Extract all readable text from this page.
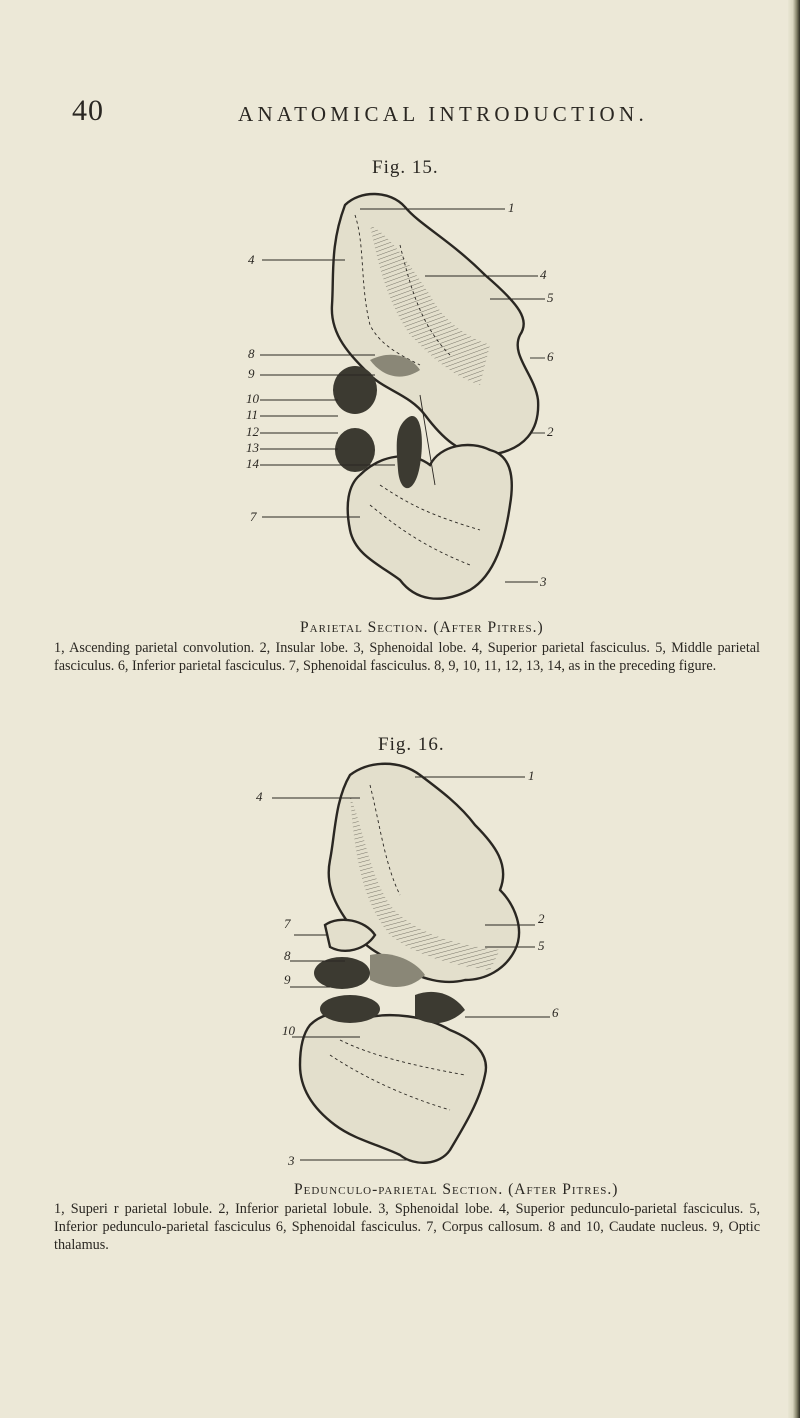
40	ANATOMICAL INTRODUCTION.
Fig. 15.
1
4
4
5
8	6
9
10
11
12	2
13
14
7
3
Parietal Section. (After Pitres.)
1, Ascending parietal convolution. 2, Insular lobe. 3, Sphenoidal lobe. 4, Superior parietal fasciculus. 5, Middle parietal fasciculus. 6, Inferior parietal fasciculus. 7, Sphenoidal fasciculus. 8, 9, 10, 11, 12, 13, 14, as in the preceding figure.
Fig. 16.
4
1
7	2
8
5
9
6
10
3
Pedunculo-parietal Section. (After Pitres.)
1, Superi r parietal lobule. 2, Inferior parietal lobule. 3, Sphenoidal lobe. 4, Superior pedunculo-parietal fasciculus. 5, Inferior pedunculo-parietal fasciculus 6, Sphenoidal fasciculus. 7, Corpus callosum. 8 and 10, Caudate nucleus. 9, Optic thalamus.
